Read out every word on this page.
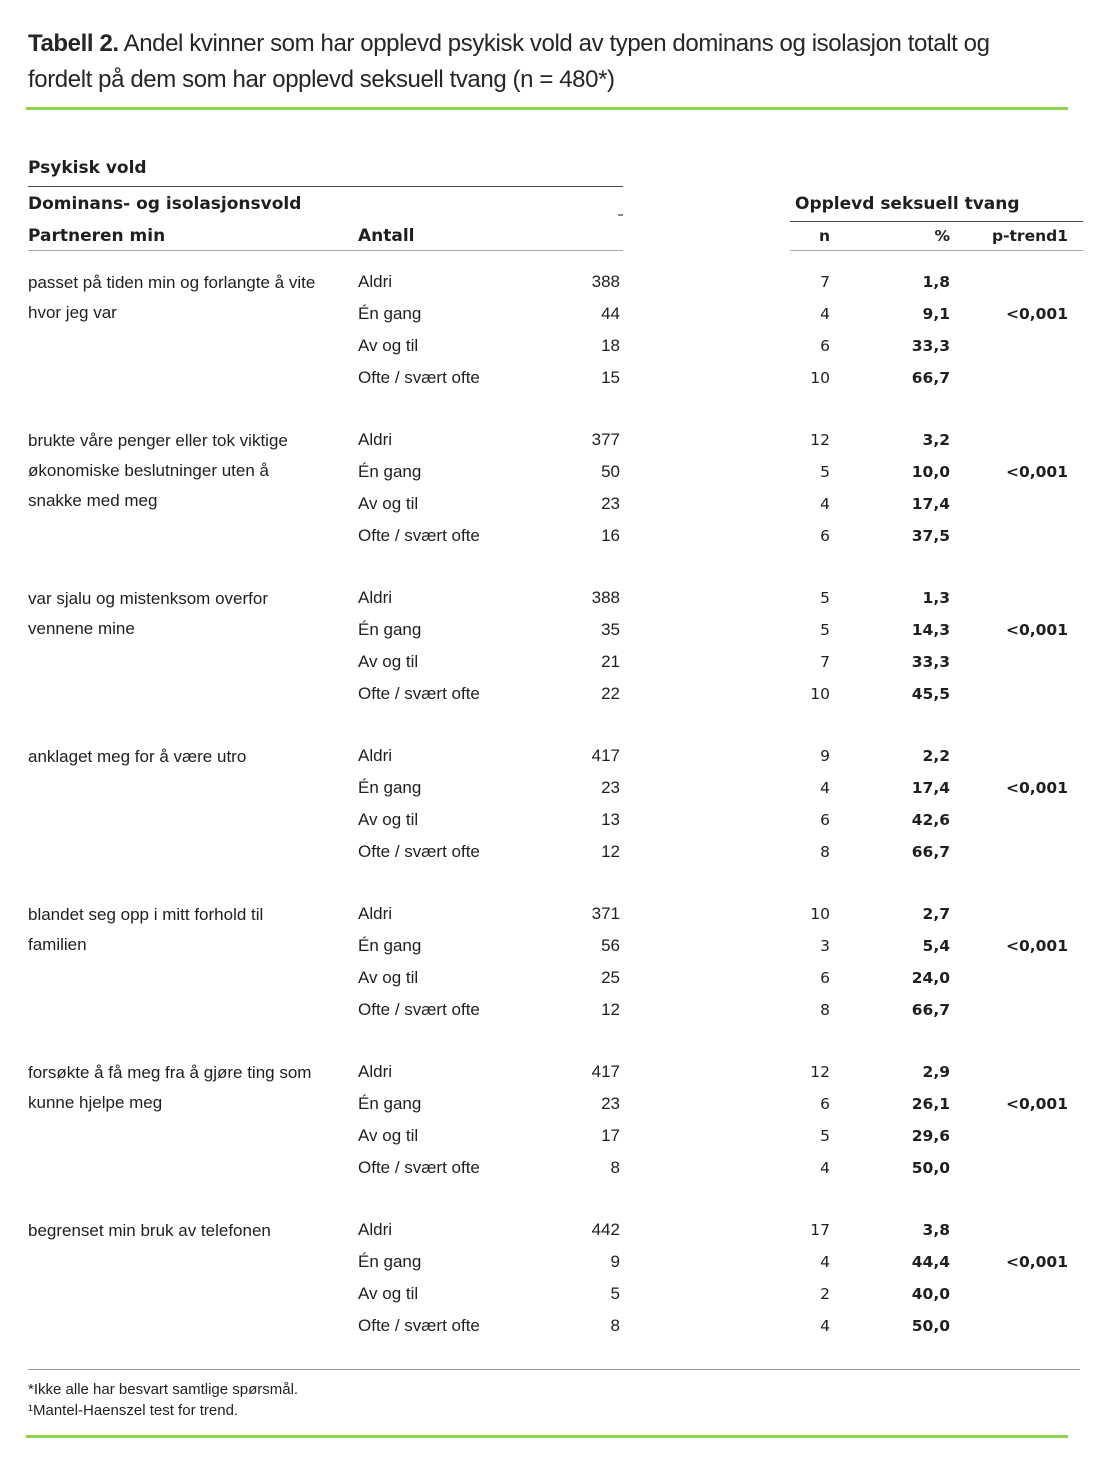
Tabell 2. Andel kvinner som har opplevd psykisk vold av typen dominans og isolasjon totalt og fordelt på dem som har opplevd seksuell tvang (n = 480*)
Psykisk vold
Dominans- og isolasjonsvold	Opplevd seksuell tvang
Partneren min	Antall	n	%	p-trend1
passet på tiden min og forlangte å vite hvor jeg var
Aldri	388	7	1,8
Én gang	44	4	9,1	<0,001
Av og til	18	6	33,3
Ofte / svært ofte	15	10	66,7
brukte våre penger eller tok viktige økonomiske beslutninger uten å snakke med meg
Aldri	377	12	3,2
Én gang	50	5	10,0	<0,001
Av og til	23	4	17,4
Ofte / svært ofte	16	6	37,5
var sjalu og mistenksom overfor vennene mine
Aldri	388	5	1,3
Én gang	35	5	14,3	<0,001
Av og til	21	7	33,3
Ofte / svært ofte	22	10	45,5
anklaget meg for å være utro	Aldri	417	9	2,2
Én gang	23	4	17,4	<0,001
Av og til	13	6	42,6
Ofte / svært ofte	12	8	66,7
blandet seg opp i mitt forhold til familien
Aldri	371	10	2,7
Én gang	56	3	5,4	<0,001
Av og til	25	6	24,0
Ofte / svært ofte	12	8	66,7
forsøkte å få meg fra å gjøre ting som kunne hjelpe meg
Aldri	417	12	2,9
Én gang	23	6	26,1	<0,001
Av og til	17	5	29,6
Ofte / svært ofte	8	4	50,0
begrenset min bruk av telefonen	Aldri	442	17	3,8
Én gang	9	4	44,4	<0,001
Av og til	5	2	40,0
Ofte / svært ofte	8	4	50,0
*Ikke alle har besvart samtlige spørsmål.
¹Mantel-Haenszel test for trend.
